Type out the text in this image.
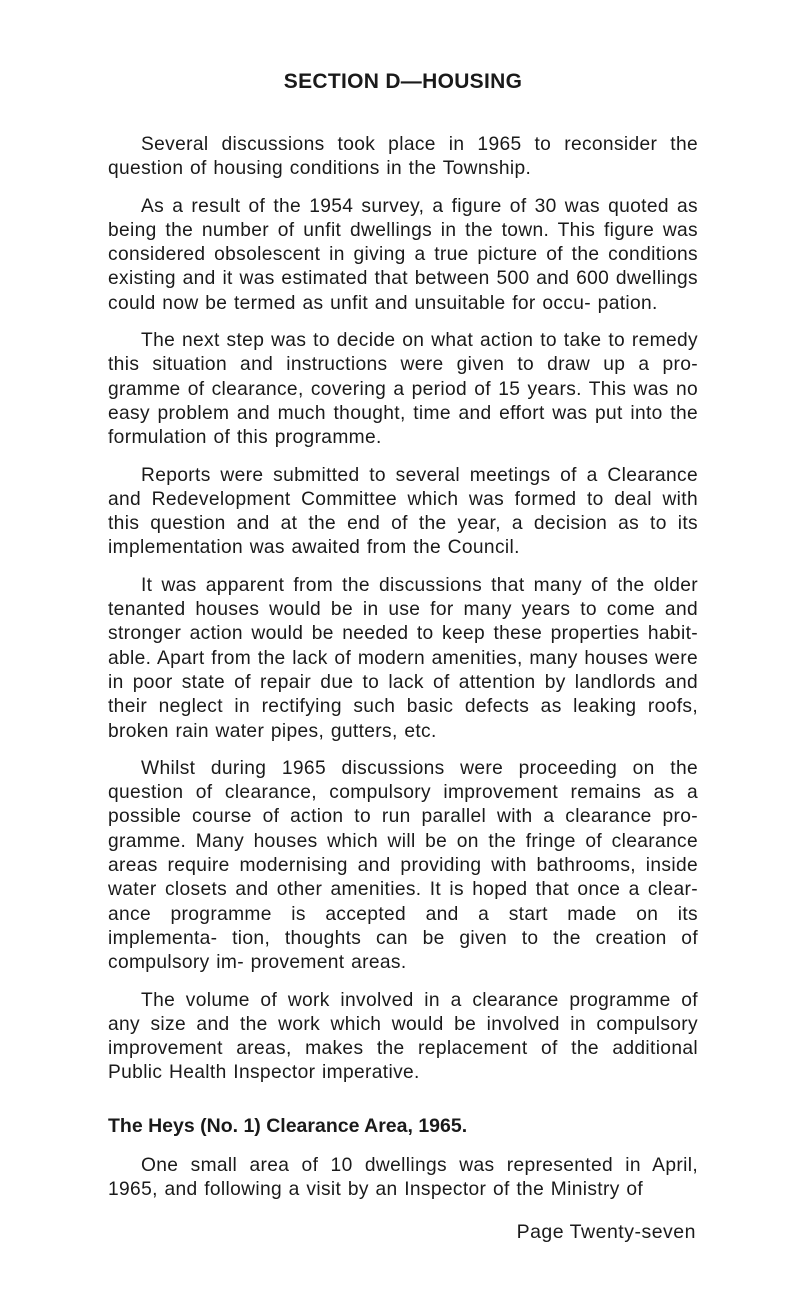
SECTION D—HOUSING

Several discussions took place in 1965 to reconsider the question of housing conditions in the Township.

As a result of the 1954 survey, a figure of 30 was quoted as being the number of unfit dwellings in the town. This figure was considered obsolescent in giving a true picture of the conditions existing and it was estimated that between 500 and 600 dwellings could now be termed as unfit and unsuitable for occu- pation.

The next step was to decide on what action to take to remedy this situation and instructions were given to draw up a pro- gramme of clearance, covering a period of 15 years. This was no easy problem and much thought, time and effort was put into the formulation of this programme.

Reports were submitted to several meetings of a Clearance and Redevelopment Committee which was formed to deal with this question and at the end of the year, a decision as to its implementation was awaited from the Council.

It was apparent from the discussions that many of the older tenanted houses would be in use for many years to come and stronger action would be needed to keep these properties habit- able. Apart from the lack of modern amenities, many houses were in poor state of repair due to lack of attention by landlords and their neglect in rectifying such basic defects as leaking roofs, broken rain water pipes, gutters, etc.

Whilst during 1965 discussions were proceeding on the question of clearance, compulsory improvement remains as a possible course of action to run parallel with a clearance pro- gramme. Many houses which will be on the fringe of clearance areas require modernising and providing with bathrooms, inside water closets and other amenities. It is hoped that once a clear- ance programme is accepted and a start made on its implementa- tion, thoughts can be given to the creation of compulsory im- provement areas.

The volume of work involved in a clearance programme of any size and the work which would be involved in compulsory improvement areas, makes the replacement of the additional Public Health Inspector imperative.

The Heys (No. 1) Clearance Area, 1965.

One small area of 10 dwellings was represented in April, 1965, and following a visit by an Inspector of the Ministry of

Page Twenty-seven
